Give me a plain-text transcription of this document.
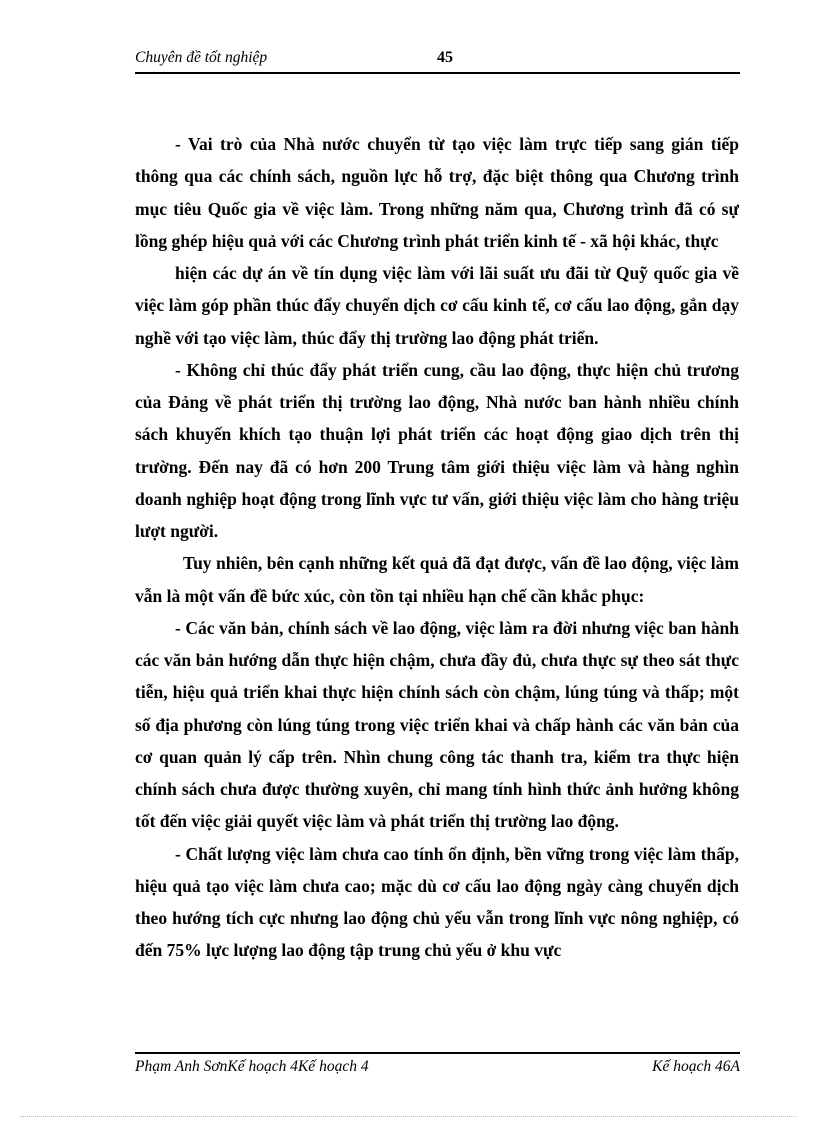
Chuyên đề tốt nghiệp	45

- Vai trò của Nhà nước chuyển từ tạo việc làm trực tiếp sang gián tiếp thông qua các chính sách, nguồn lực hỗ trợ, đặc biệt thông qua Chương trình mục tiêu Quốc gia về việc làm. Trong những năm qua, Chương trình đã có sự lồng ghép hiệu quả với các Chương trình phát triển kinh tế - xã hội khác, thực

hiện các dự án về tín dụng việc làm với lãi suất ưu đãi từ Quỹ quốc gia về việc làm góp phần thúc đẩy chuyển dịch cơ cấu kinh tế, cơ cấu lao động, gắn dạy nghề với tạo việc làm, thúc đẩy thị trường lao động phát triển.

- Không chỉ thúc đẩy phát triển cung, cầu lao động, thực hiện chủ trương của Đảng về phát triển thị trường lao động, Nhà nước ban hành nhiều chính sách khuyến khích tạo thuận lợi phát triển các hoạt động giao dịch trên thị trường. Đến nay đã có hơn 200 Trung tâm giới thiệu việc làm và hàng nghìn doanh nghiệp hoạt động trong lĩnh vực tư vấn, giới thiệu việc làm cho hàng triệu lượt người.

Tuy nhiên, bên cạnh những kết quả đã đạt được, vấn đề lao động, việc làm vẫn là một vấn đề bức xúc, còn tồn tại nhiều hạn chế cần khắc phục:

- Các văn bản, chính sách về lao động, việc làm ra đời nhưng việc ban hành các văn bản hướng dẫn thực hiện chậm, chưa đầy đủ, chưa thực sự theo sát thực tiễn, hiệu quả triển khai thực hiện chính sách còn chậm, lúng túng và thấp; một số địa phương còn lúng túng trong việc triển khai và chấp hành các văn bản của cơ quan quản lý cấp trên. Nhìn chung công tác thanh tra, kiểm tra thực hiện chính sách chưa được thường xuyên, chỉ mang tính hình thức ảnh hưởng không tốt đến việc giải quyết việc làm và phát triển thị trường lao động.

- Chất lượng việc làm chưa cao tính ổn định, bền vững trong việc làm thấp, hiệu quả tạo việc làm chưa cao; mặc dù cơ cấu lao động ngày càng chuyển dịch theo hướng tích cực nhưng lao động chủ yếu vẫn trong lĩnh vực nông nghiệp, có đến 75% lực lượng lao động tập trung chủ yếu ở khu vực

Phạm Anh SơnKế hoạch 4Kế hoạch 4	Kế hoạch 46A
